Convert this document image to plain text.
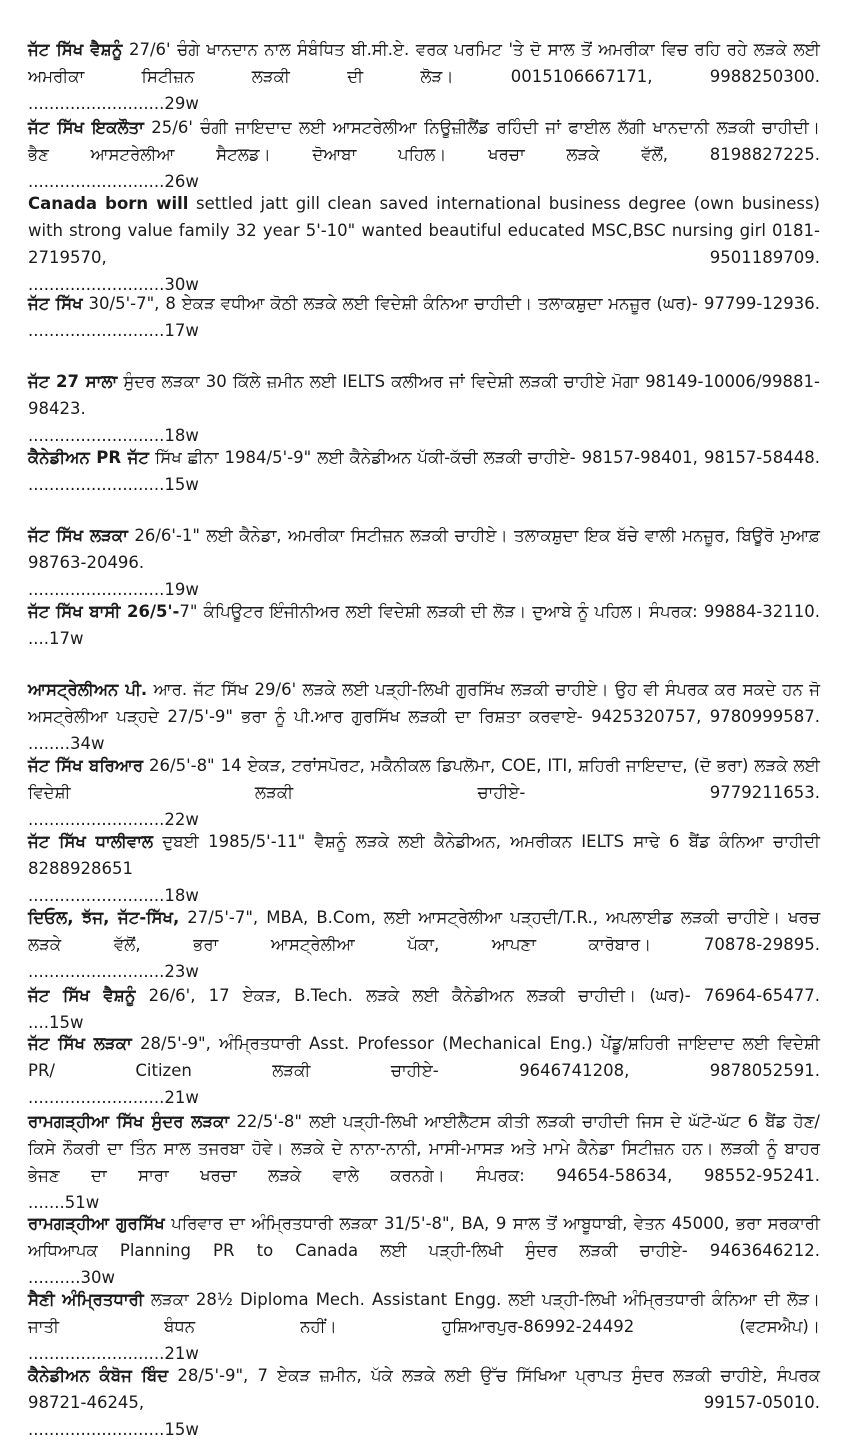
ਜੱਟ ਸਿੱਖ ਵੈਸ਼ਨੂੰ 27/6' ਚੰਗੇ ਖਾਨਦਾਨ ਨਾਲ ਸੰਬੰਧਿਤ ਬੀ.ਸੀ.ਏ. ਵਰਕ ਪਰਮਿਟ 'ਤੇ ਦੋ ਸਾਲ ਤੋਂ ਅਮਰੀਕਾ ਵਿਚ ਰਹਿ ਰਹੇ ਲੜਕੇ ਲਈ ਅਮਰੀਕਾ ਸਿਟੀਜ਼ਨ ਲੜਕੀ ਦੀ ਲੋੜ। 0015106667171, 9988250300.

..........................29w

ਜੱਟ ਸਿੱਖ ਇਕਲੌਤਾ 25/6' ਚੰਗੀ ਜਾਇਦਾਦ ਲਈ ਆਸਟਰੇਲੀਆ ਨਿਊਜ਼ੀਲੈਂਡ ਰਹਿੰਦੀ ਜਾਂ ਫਾਈਲ ਲੱਗੀ ਖਾਨਦਾਨੀ ਲੜਕੀ ਚਾਹੀਦੀ। ਭੈਣ ਆਸਟਰੇਲੀਆ ਸੈਟਲਡ। ਦੋਆਬਾ ਪਹਿਲ। ਖਰਚਾ ਲੜਕੇ ਵੱਲੋਂ, 8198827225.

..........................26w

Canada born will settled jatt gill clean saved international business degree (own business) with strong value family 32 year 5'-10" wanted beautiful educated MSC,BSC nursing girl 0181-2719570, 9501189709.

..........................30w

ਜੱਟ ਸਿੱਖ 30/5'-7", 8 ਏਕੜ ਵਧੀਆ ਕੋਠੀ ਲੜਕੇ ਲਈ ਵਿਦੇਸ਼ੀ ਕੰਨਿਆ ਚਾਹੀਦੀ। ਤਲਾਕਸ਼ੁਦਾ ਮਨਜ਼ੂਰ (ਘਰ)- 97799-12936.

..........................17w

ਜੱਟ 27 ਸਾਲਾ ਸੁੰਦਰ ਲੜਕਾ 30 ਕਿੱਲੇ ਜ਼ਮੀਨ ਲਈ IELTS ਕਲੀਅਰ ਜਾਂ ਵਿਦੇਸ਼ੀ ਲੜਕੀ ਚਾਹੀਏ ਮੋਗਾ 98149-10006/99881-98423.

..........................18w

ਕੈਨੇਡੀਅਨ PR ਜੱਟ ਸਿੱਖ ਛੀਨਾ 1984/5'-9" ਲਈ ਕੈਨੇਡੀਅਨ ਪੱਕੀ-ਕੱਚੀ ਲੜਕੀ ਚਾਹੀਏ- 98157-98401, 98157-58448.

..........................15w

ਜੱਟ ਸਿੱਖ ਲੜਕਾ 26/6'-1" ਲਈ ਕੈਨੇਡਾ, ਅਮਰੀਕਾ ਸਿਟੀਜ਼ਨ ਲੜਕੀ ਚਾਹੀਏ। ਤਲਾਕਸ਼ੁਦਾ ਇਕ ਬੱਚੇ ਵਾਲੀ ਮਨਜ਼ੂਰ, ਬਿਊਰੋ ਮੁਆਫ਼ 98763-20496.

..........................19w

ਜੱਟ ਸਿੱਖ ਬਾਸੀ 26/5'-7" ਕੰਪਿਊਟਰ ਇੰਜੀਨੀਅਰ ਲਈ ਵਿਦੇਸ਼ੀ ਲੜਕੀ ਦੀ ਲੋੜ। ਦੁਆਬੇ ਨੂੰ ਪਹਿਲ। ਸੰਪਰਕ: 99884-32110.

....17w

ਆਸਟ੍ਰੇਲੀਅਨ ਪੀ. ਆਰ. ਜੱਟ ਸਿੱਖ 29/6' ਲੜਕੇ ਲਈ ਪੜ੍ਹੀ-ਲਿਖੀ ਗੁਰਸਿੱਖ ਲੜਕੀ ਚਾਹੀਏ। ਉਹ ਵੀ ਸੰਪਰਕ ਕਰ ਸਕਦੇ ਹਨ ਜੋ ਅਸਟ੍ਰੇਲੀਆ ਪੜ੍ਹਦੇ 27/5'-9" ਭਰਾ ਨੂੰ ਪੀ.ਆਰ ਗੁਰਸਿੱਖ ਲੜਕੀ ਦਾ ਰਿਸ਼ਤਾ ਕਰਵਾਏ- 9425320757, 9780999587.

........34w

ਜੱਟ ਸਿੱਖ ਬਰਿਆਰ 26/5'-8" 14 ਏਕੜ, ਟਰਾਂਸਪੋਰਟ, ਮਕੈਨੀਕਲ ਡਿਪਲੋਮਾ, COE, ITI, ਸ਼ਹਿਰੀ ਜਾਇਦਾਦ, (ਦੋ ਭਰਾ) ਲੜਕੇ ਲਈ ਵਿਦੇਸ਼ੀ ਲੜਕੀ ਚਾਹੀਏ- 9779211653.

..........................22w

ਜੱਟ ਸਿੱਖ ਧਾਲੀਵਾਲ ਦੁਬਈ 1985/5'-11" ਵੈਸ਼ਨੂੰ ਲੜਕੇ ਲਈ ਕੈਨੇਡੀਅਨ, ਅਮਰੀਕਨ IELTS ਸਾਢੇ 6 ਬੈਂਡ ਕੰਨਿਆ ਚਾਹੀਦੀ 8288928651

..........................18w

ਦਿਓਲ, ਝੱਜ, ਜੱਟ-ਸਿੱਖ, 27/5'-7", MBA, B.Com, ਲਈ ਆਸਟ੍ਰੇਲੀਆ ਪੜ੍ਹਦੀ/T.R., ਅਪਲਾਈਡ ਲੜਕੀ ਚਾਹੀਏ। ਖਰਚ ਲੜਕੇ ਵੱਲੋਂ, ਭਰਾ ਆਸਟ੍ਰੇਲੀਆ ਪੱਕਾ, ਆਪਣਾ ਕਾਰੋਬਾਰ। 70878-29895.

..........................23w

ਜੱਟ ਸਿੱਖ ਵੈਸ਼ਨੂੰ 26/6', 17 ਏਕੜ, B.Tech. ਲੜਕੇ ਲਈ ਕੈਨੇਡੀਅਨ ਲੜਕੀ ਚਾਹੀਦੀ। (ਘਰ)- 76964-65477.

....15w

ਜੱਟ ਸਿੱਖ ਲੜਕਾ 28/5'-9", ਅੰਮ੍ਰਿਤਧਾਰੀ Asst. Professor (Mechanical Eng.) ਪੇਂਡੂ/ਸ਼ਹਿਰੀ ਜਾਇਦਾਦ ਲਈ ਵਿਦੇਸ਼ੀ PR/ Citizen ਲੜਕੀ ਚਾਹੀਏ- 9646741208, 9878052591.

..........................21w

ਰਾਮਗੜ੍ਹੀਆ ਸਿੱਖ ਸੁੰਦਰ ਲੜਕਾ 22/5'-8" ਲਈ ਪੜ੍ਹੀ-ਲਿਖੀ ਆਈਲੈਟਸ ਕੀਤੀ ਲੜਕੀ ਚਾਹੀਦੀ ਜਿਸ ਦੇ ਘੱਟੋ-ਘੱਟ 6 ਬੈਂਡ ਹੋਣ/ਕਿਸੇ ਨੌਕਰੀ ਦਾ ਤਿੰਨ ਸਾਲ ਤਜਰਬਾ ਹੋਵੇ। ਲੜਕੇ ਦੇ ਨਾਨਾ-ਨਾਨੀ, ਮਾਸੀ-ਮਾਸੜ ਅਤੇ ਮਾਮੇ ਕੈਨੇਡਾ ਸਿਟੀਜ਼ਨ ਹਨ। ਲੜਕੀ ਨੂੰ ਬਾਹਰ ਭੇਜਣ ਦਾ ਸਾਰਾ ਖਰਚਾ ਲੜਕੇ ਵਾਲੇ ਕਰਨਗੇ। ਸੰਪਰਕ: 94654-58634, 98552-95241.

.......51w

ਰਾਮਗੜ੍ਹੀਆ ਗੁਰਸਿੱਖ ਪਰਿਵਾਰ ਦਾ ਅੰਮ੍ਰਿਤਧਾਰੀ ਲੜਕਾ 31/5'-8", BA, 9 ਸਾਲ ਤੋਂ ਆਬੂਧਾਬੀ, ਵੇਤਨ 45000, ਭਰਾ ਸਰਕਾਰੀ ਅਧਿਆਪਕ Planning PR to Canada ਲਈ ਪੜ੍ਹੀ-ਲਿਖੀ ਸੁੰਦਰ ਲੜਕੀ ਚਾਹੀਏ- 9463646212.

..........30w

ਸੈਣੀ ਅੰਮ੍ਰਿਤਧਾਰੀ ਲੜਕਾ 28½ Diploma Mech. Assistant Engg. ਲਈ ਪੜ੍ਹੀ-ਲਿਖੀ ਅੰਮ੍ਰਿਤਧਾਰੀ ਕੰਨਿਆ ਦੀ ਲੋੜ। ਜਾਤੀ ਬੰਧਨ ਨਹੀਂ। ਹੁਸ਼ਿਆਰਪੁਰ-86992-24492 (ਵਟਸਐਪ)।

..........................21w

ਕੈਨੇਡੀਅਨ ਕੰਬੋਜ ਬਿੰਦ 28/5'-9", 7 ਏਕੜ ਜ਼ਮੀਨ, ਪੱਕੇ ਲੜਕੇ ਲਈ ਉੱਚ ਸਿੱਖਿਆ ਪ੍ਰਾਪਤ ਸੁੰਦਰ ਲੜਕੀ ਚਾਹੀਏ, ਸੰਪਰਕ 98721-46245, 99157-05010.

..........................15w
